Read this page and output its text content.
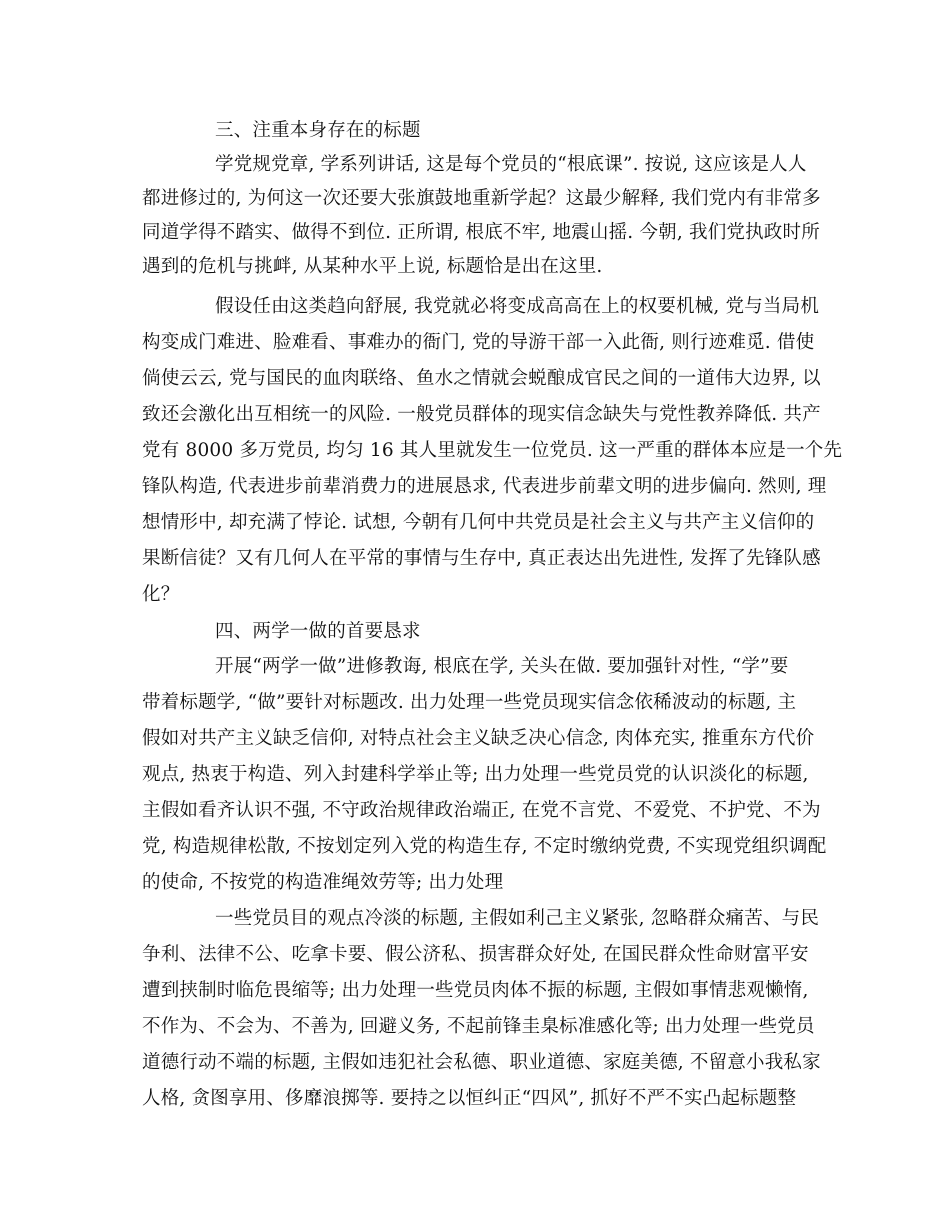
三、注重本身存在的标题
学党规党章, 学系列讲话, 这是每个党员的“根底课”. 按说, 这应该是人人
都进修过的, 为何这一次还要大张旗鼓地重新学起？这最少解释, 我们党内有非常多
同道学得不踏实、做得不到位. 正所谓, 根底不牢, 地震山摇. 今朝, 我们党执政时所
遇到的危机与挑衅, 从某种水平上说, 标题恰是出在这里.
假设任由这类趋向舒展, 我党就必将变成高高在上的权要机械, 党与当局机
构变成门难进、脸难看、事难办的衙门, 党的导游干部一入此衙, 则行迹难觅. 借使
倘使云云, 党与国民的血肉联络、鱼水之情就会蜕酿成官民之间的一道伟大边界, 以
致还会激化出互相统一的风险. 一般党员群体的现实信念缺失与党性教养降低. 共产
党有 8000 多万党员, 均匀 16 其人里就发生一位党员. 这一严重的群体本应是一个先
锋队构造, 代表进步前辈消费力的进展恳求, 代表进步前辈文明的进步偏向. 然则, 理
想情形中, 却充满了悖论. 试想, 今朝有几何中共党员是社会主义与共产主义信仰的
果断信徒？又有几何人在平常的事情与生存中, 真正表达出先进性, 发挥了先锋队感
化？
四、两学一做的首要恳求
开展“两学一做”进修教诲, 根底在学, 关头在做. 要加强针对性, “学”要
带着标题学, “做”要针对标题改. 出力处理一些党员现实信念依稀波动的标题, 主
假如对共产主义缺乏信仰, 对特点社会主义缺乏决心信念, 肉体充实, 推重东方代价
观点, 热衷于构造、列入封建科学举止等; 出力处理一些党员党的认识淡化的标题,
主假如看齐认识不强, 不守政治规律政治端正, 在党不言党、不爱党、不护党、不为
党, 构造规律松散, 不按划定列入党的构造生存, 不定时缴纳党费, 不实现党组织调配
的使命, 不按党的构造准绳效劳等; 出力处理
一些党员目的观点冷淡的标题, 主假如利己主义紧张, 忽略群众痛苦、与民
争利、法律不公、吃拿卡要、假公济私、损害群众好处, 在国民群众性命财富平安
遭到挟制时临危畏缩等; 出力处理一些党员肉体不振的标题, 主假如事情悲观懒惰,
不作为、不会为、不善为, 回避义务, 不起前锋圭臬标准感化等; 出力处理一些党员
道德行动不端的标题, 主假如违犯社会私德、职业道德、家庭美德, 不留意小我私家
人格, 贪图享用、侈靡浪掷等. 要持之以恒纠正“四风”, 抓好不严不实凸起标题整
